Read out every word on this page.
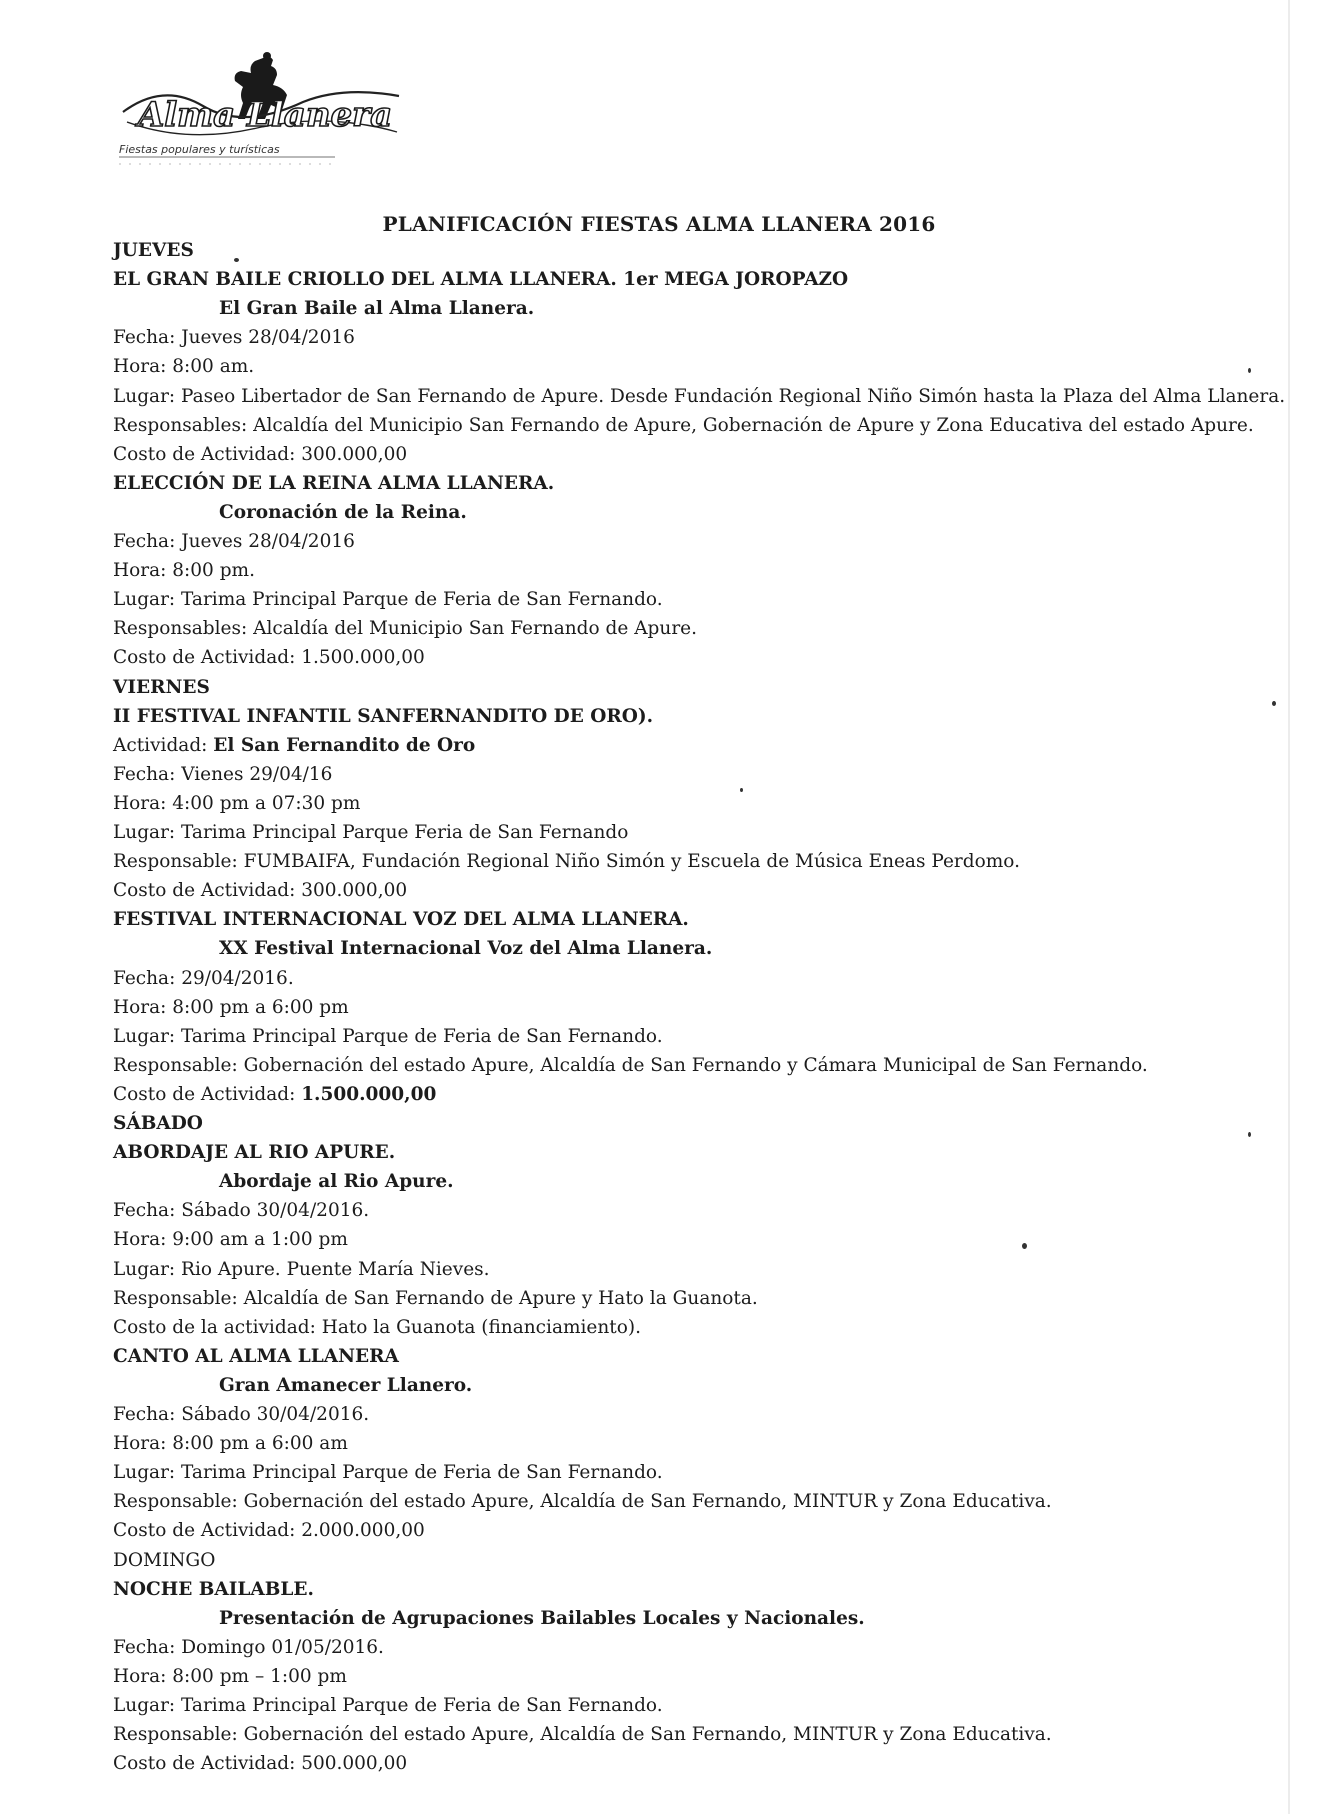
Alma Llanera
Fiestas populares y turísticas
PLANIFICACIÓN FIESTAS ALMA LLANERA 2016
JUEVES
EL GRAN BAILE CRIOLLO DEL ALMA LLANERA. 1er MEGA JOROPAZO
El Gran Baile al Alma Llanera.
Fecha: Jueves 28/04/2016
Hora: 8:00 am.
Lugar: Paseo Libertador de San Fernando de Apure. Desde Fundación Regional Niño Simón hasta la Plaza del Alma Llanera.
Responsables: Alcaldía del Municipio San Fernando de Apure, Gobernación de Apure y Zona Educativa del estado Apure.
Costo de Actividad: 300.000,00
ELECCIÓN DE LA REINA ALMA LLANERA.
Coronación de la Reina.
Fecha: Jueves 28/04/2016
Hora: 8:00 pm.
Lugar: Tarima Principal Parque de Feria de San Fernando.
Responsables: Alcaldía del Municipio San Fernando de Apure.
Costo de Actividad: 1.500.000,00
VIERNES
II FESTIVAL INFANTIL SANFERNANDITO DE ORO).
Actividad: El San Fernandito de Oro
Fecha: Vienes 29/04/16
Hora: 4:00 pm a 07:30 pm
Lugar: Tarima Principal Parque Feria de San Fernando
Responsable: FUMBAIFA, Fundación Regional Niño Simón y Escuela de Música Eneas Perdomo.
Costo de Actividad: 300.000,00
FESTIVAL INTERNACIONAL VOZ DEL ALMA LLANERA.
XX Festival Internacional Voz del Alma Llanera.
Fecha: 29/04/2016.
Hora: 8:00 pm a 6:00 pm
Lugar: Tarima Principal Parque de Feria de San Fernando.
Responsable: Gobernación del estado Apure, Alcaldía de San Fernando y Cámara Municipal de San Fernando.
Costo de Actividad: 1.500.000,00
SÁBADO
ABORDAJE AL RIO APURE.
Abordaje al Rio Apure.
Fecha: Sábado 30/04/2016.
Hora: 9:00 am a 1:00 pm
Lugar: Rio Apure. Puente María Nieves.
Responsable: Alcaldía de San Fernando de Apure y Hato la Guanota.
Costo de la actividad: Hato la Guanota (financiamiento).
CANTO AL ALMA LLANERA
Gran Amanecer Llanero.
Fecha: Sábado 30/04/2016.
Hora: 8:00 pm a 6:00 am
Lugar: Tarima Principal Parque de Feria de San Fernando.
Responsable: Gobernación del estado Apure, Alcaldía de San Fernando, MINTUR y Zona Educativa.
Costo de Actividad: 2.000.000,00
DOMINGO
NOCHE BAILABLE.
Presentación de Agrupaciones Bailables Locales y Nacionales.
Fecha: Domingo 01/05/2016.
Hora: 8:00 pm – 1:00 pm
Lugar: Tarima Principal Parque de Feria de San Fernando.
Responsable: Gobernación del estado Apure, Alcaldía de San Fernando, MINTUR y Zona Educativa.
Costo de Actividad: 500.000,00
